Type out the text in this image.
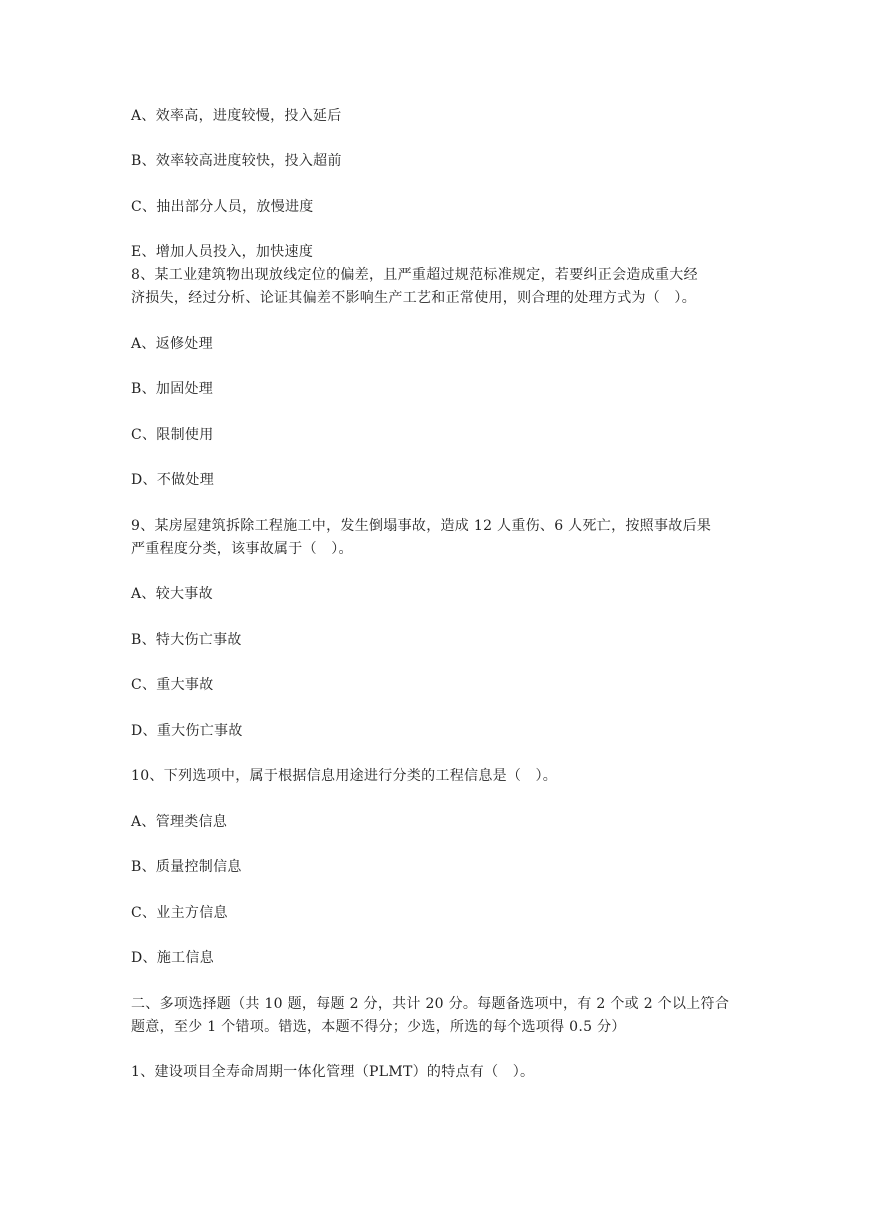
A、效率高，进度较慢，投入延后
B、效率较高进度较快，投入超前
C、抽出部分人员，放慢进度
E、增加人员投入，加快速度
8、某工业建筑物出现放线定位的偏差，且严重超过规范标准规定，若要纠正会造成重大经
济损失，经过分析、论证其偏差不影响生产工艺和正常使用，则合理的处理方式为（　）。
A、返修处理
B、加固处理
C、限制使用
D、不做处理
9、某房屋建筑拆除工程施工中，发生倒塌事故，造成 12 人重伤、6 人死亡，按照事故后果
严重程度分类，该事故属于（　）。
A、较大事故
B、特大伤亡事故
C、重大事故
D、重大伤亡事故
10、下列选项中，属于根据信息用途进行分类的工程信息是（　）。
A、管理类信息
B、质量控制信息
C、业主方信息
D、施工信息
二、多项选择题（共 10 题，每题 2 分，共计 20 分。每题备选项中，有 2 个或 2 个以上符合
题意，至少 1 个错项。错选，本题不得分；少选，所选的每个选项得 0.5 分）
1、建设项目全寿命周期一体化管理（PLMT）的特点有（　）。
